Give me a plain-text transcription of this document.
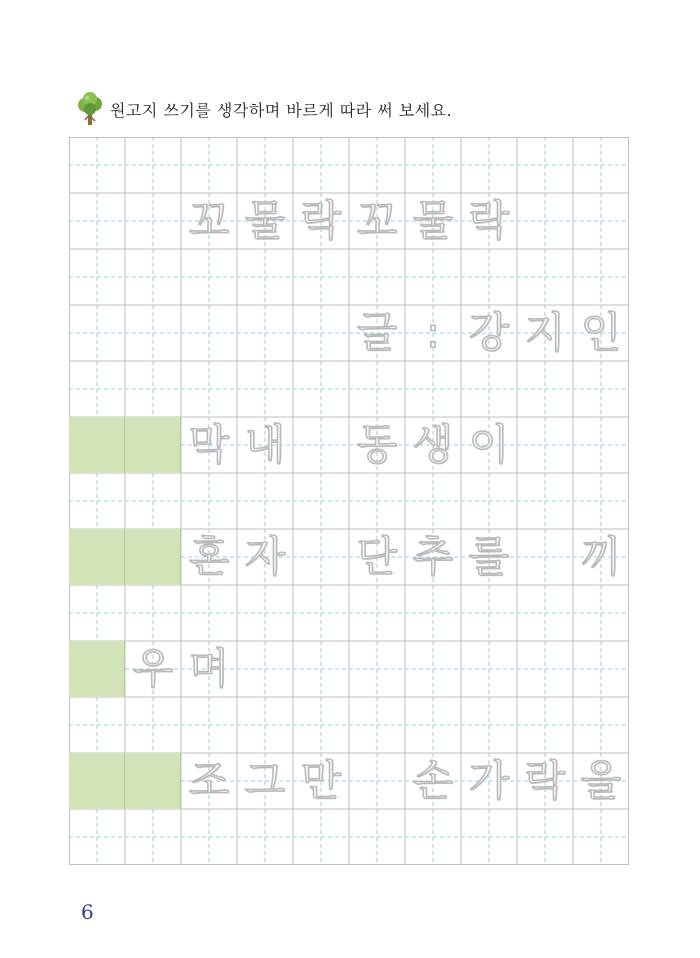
원고지 쓰기를 생각하며 바르게 따라 써 보세요.
꼬 물 락 꼬 물 락
글 : 강 지 인
막 내 동 생 이
혼 자 단 추 를 끼
우 며
조 그 만 손 가 락 을
6
